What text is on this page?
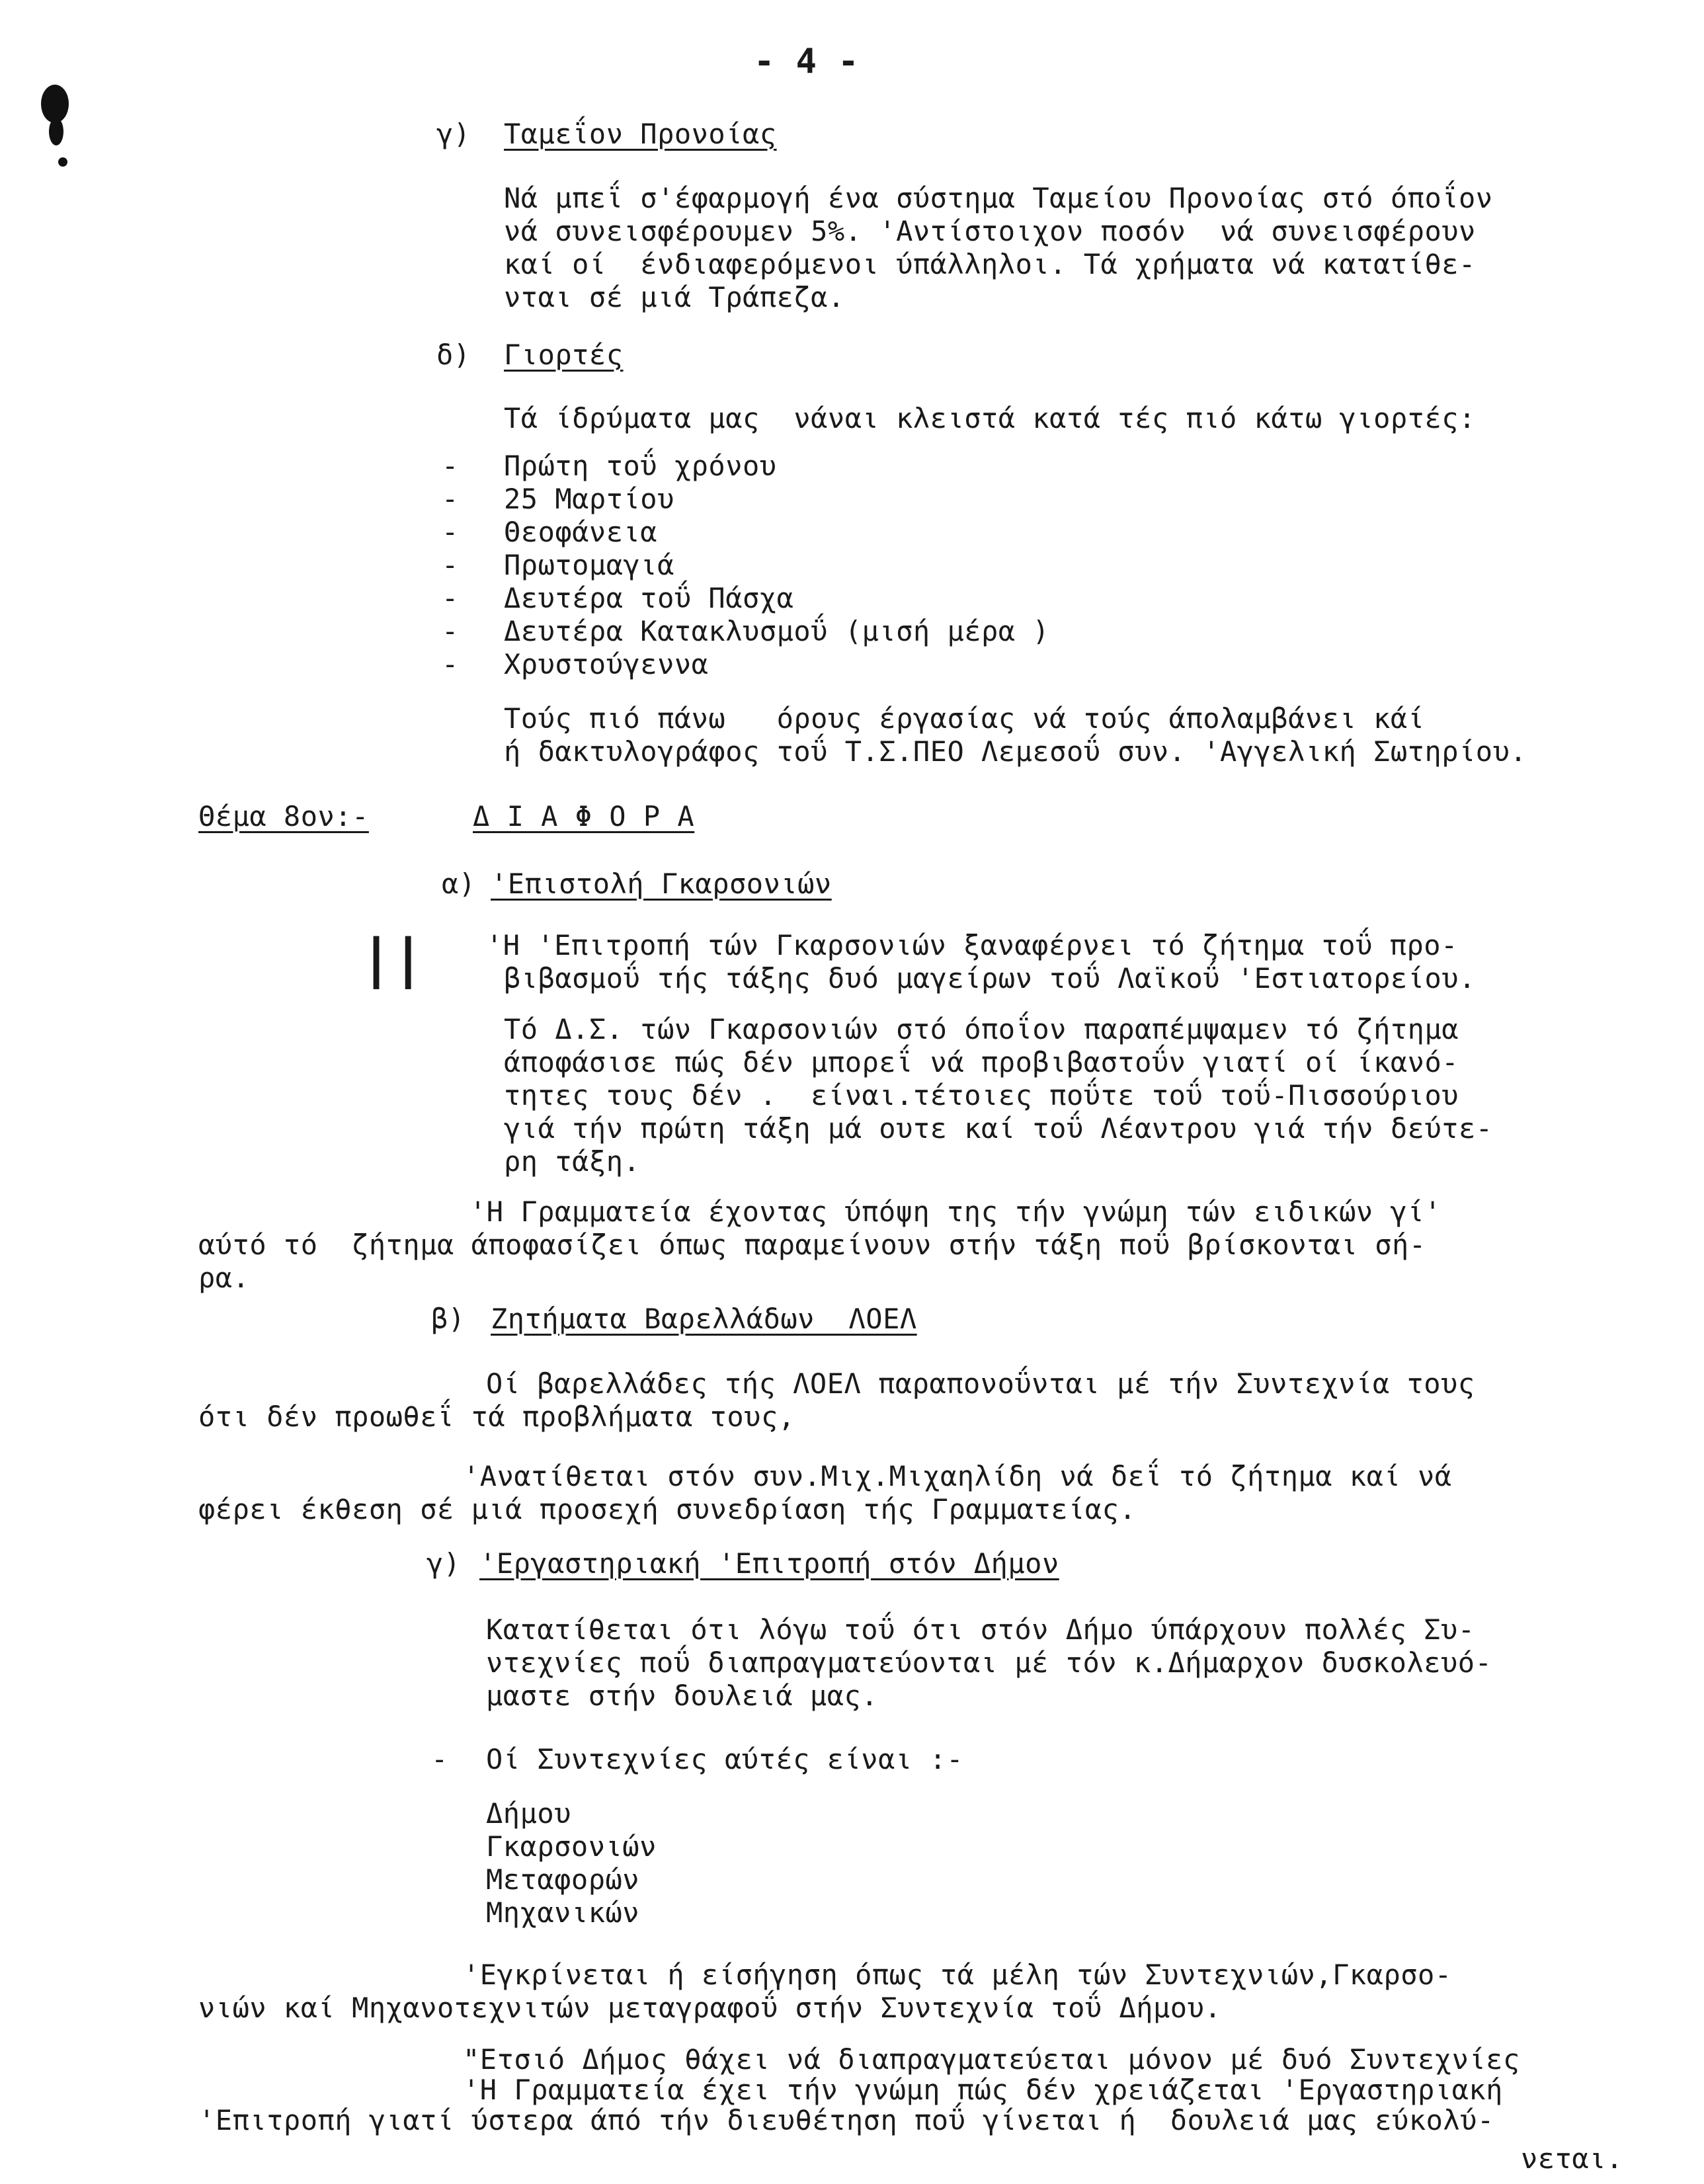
- 4 -
γ) Ταμεΐον Προνοίας
Νά μπεΐ σ'έφαρμογή ένα σύστημα Ταμείου Προνοίας στό όποΐον
νά συνεισφέρουμεν 5%. 'Αντίστοιχον ποσόν  νά συνεισφέρουν
καί οί  ένδιαφερόμενοι ύπάλληλοι. Τά χρήματα νά κατατίθε-
νται σέ μιά Τράπεζα.
δ) Γιορτές
Τά ίδρύματα μας  νάναι κλειστά κατά τές πιό κάτω γιορτές:
- Πρώτη τοΰ χρόνου
- 25 Μαρτίου
- Θεοφάνεια
- Πρωτομαγιά
- Δευτέρα τοΰ Πάσχα
- Δευτέρα Κατακλυσμοΰ (μισή μέρα )
- Χρυστούγεννα
Τούς πιό πάνω   όρους έργασίας νά τούς άπολαμβάνει κάί
ή δακτυλογράφος τοΰ Τ.Σ.ΠΕΟ Λεμεσοΰ συν. 'Αγγελική Σωτηρίου.
Θέμα 8ον:-	Δ Ι Α Φ Ο Ρ Α
α) 'Επιστολή Γκαρσονιών
|| 'Η 'Επιτροπή τών Γκαρσονιών ξαναφέρνει τό ζήτημα τοΰ προ-
βιβασμοΰ τής τάξης δυό μαγείρων τοΰ Λαϊκοΰ 'Εστιατορείου.
Τό Δ.Σ. τών Γκαρσονιών στό όποΐον παραπέμψαμεν τό ζήτημα
άποφάσισε πώς δέν μπορεΐ νά προβιβαστοΰν γιατί οί ίκανό-
τητες τους δέν .  είναι.τέτοιες ποΰτε τοΰ τοΰ-Πισσούριου
γιά τήν πρώτη τάξη μά ουτε καί τοΰ Λέαντρου γιά τήν δεύτε-
ρη τάξη.
'Η Γραμματεία έχοντας ύπόψη της τήν γνώμη τών ειδικών γί'
αύτό τό  ζήτημα άποφασίζει όπως παραμείνουν στήν τάξη ποΰ βρίσκονται σή-
ρα.
β) Ζητήματα Βαρελλάδων  ΛΟΕΛ
Οί βαρελλάδες τής ΛΟΕΛ παραπονοΰνται μέ τήν Συντεχνία τους
ότι δέν προωθεΐ τά προβλήματα τους,
'Ανατίθεται στόν συν.Μιχ.Μιχαηλίδη νά δεΐ τό ζήτημα καί νά
φέρει έκθεση σέ μιά προσεχή συνεδρίαση τής Γραμματείας.
γ) 'Εργαστηριακή 'Επιτροπή στόν Δήμον
Κατατίθεται ότι λόγω τοΰ ότι στόν Δήμο ύπάρχουν πολλές Συ-
ντεχνίες ποΰ διαπραγματεύονται μέ τόν κ.Δήμαρχον δυσκολευό-
μαστε στήν δουλειά μας.
- Οί Συντεχνίες αύτές είναι :-
Δήμου
Γκαρσονιών
Μεταφορών
Μηχανικών
'Εγκρίνεται ή είσήγηση όπως τά μέλη τών Συντεχνιών,Γκαρσο-
νιών καί Μηχανοτεχνιτών μεταγραφοΰ στήν Συντεχνία τοΰ Δήμου.
"Ετσιό Δήμος θάχει νά διαπραγματεύεται μόνον μέ δυό Συντεχνίες
'Η Γραμματεία έχει τήν γνώμη πώς δέν χρειάζεται 'Εργαστηριακή
'Επιτροπή γιατί ύστερα άπό τήν διευθέτηση ποΰ γίνεται ή  δουλειά μας εύκολύ-
νεται.
